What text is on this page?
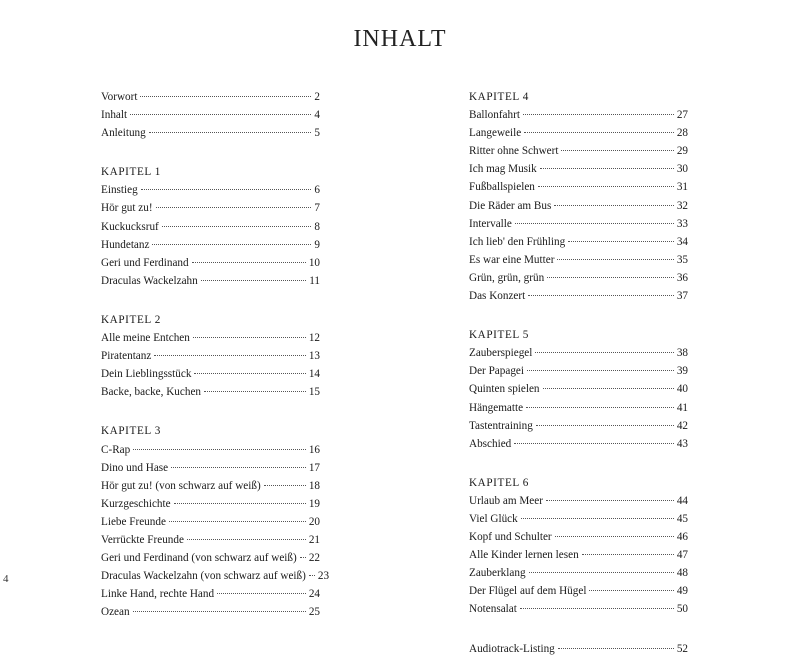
INHALT
Vorwort	2
Inhalt	4
Anleitung	5
KAPITEL 1
Einstieg	6
Hör gut zu!	7
Kuckucksruf	8
Hundetanz	9
Geri und Ferdinand	10
Draculas Wackelzahn	11
KAPITEL 2
Alle meine Entchen	12
Piratentanz	13
Dein Lieblingsstück	14
Backe, backe, Kuchen	15
KAPITEL 3
C-Rap	16
Dino und Hase	17
Hör gut zu! (von schwarz auf weiß)	18
Kurzgeschichte	19
Liebe Freunde	20
Verrückte Freunde	21
Geri und Ferdinand (von schwarz auf weiß) 22
Draculas Wackelzahn (von schwarz auf weiß) 23
Linke Hand, rechte Hand	24
Ozean	25
KAPITEL 4
Ballonfahrt	27
Langeweile	28
Ritter ohne Schwert	29
Ich mag Musik	30
Fußballspielen	31
Die Räder am Bus	32
Intervalle	33
Ich lieb' den Frühling	34
Es war eine Mutter	35
Grün, grün, grün	36
Das Konzert	37
KAPITEL 5
Zauberspiegel	38
Der Papagei	39
Quinten spielen	40
Hängematte	41
Tastentraining	42
Abschied	43
KAPITEL 6
Urlaub am Meer	44
Viel Glück	45
Kopf und Schulter	46
Alle Kinder lernen lesen	47
Zauberklang	48
Der Flügel auf dem Hügel	49
Notensalat	50
Audiotrack-Listing	52
4
